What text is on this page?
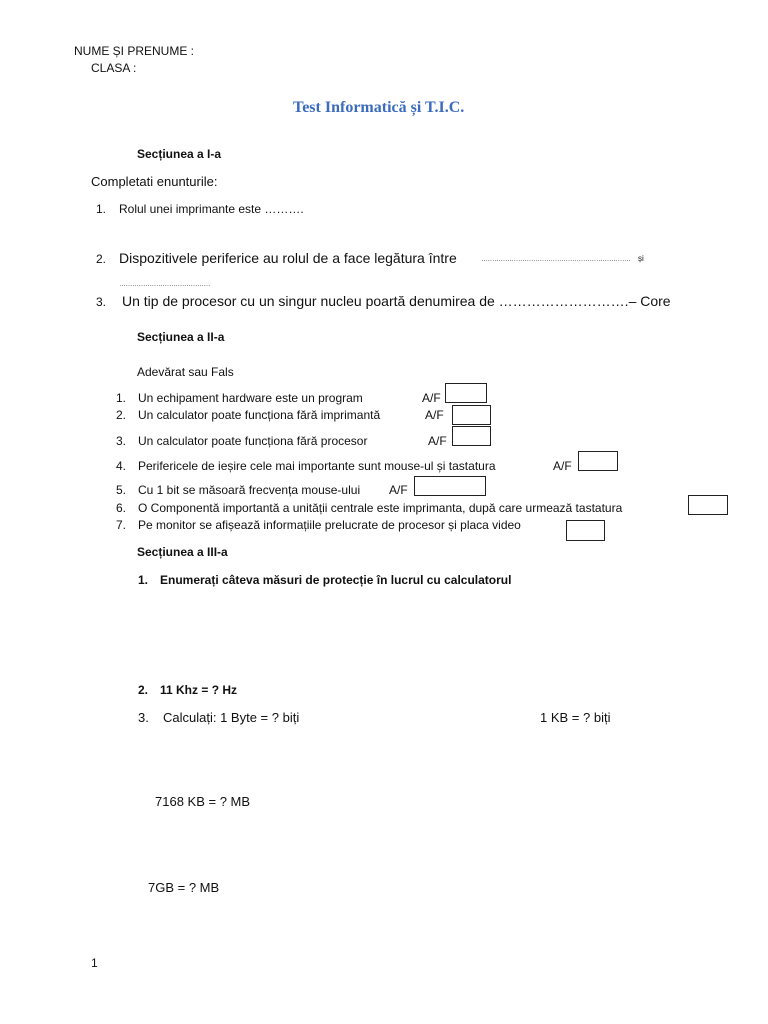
NUME ȘI PRENUME :
CLASA :
Test Informatică și T.I.C.
Secțiunea a I-a
Completati enunturile:
1. Rolul unei imprimante este ……….
2. Dispozitivele periferice au rolul de a face legătura între	…………………………………………………………… și
……………………………………
3. Un tip de procesor cu un singur nucleu poartă denumirea de ……………………….– Core
Secțiunea a II-a
Adevărat sau Fals
1. Un echipament hardware este un program	A/F
2. Un calculator poate funcționa fără imprimantă	A/F
3. Un calculator poate funcționa fără procesor	A/F
4. Perifericele de ieșire cele mai importante sunt mouse-ul și tastatura	A/F
5. Cu 1 bit se măsoară frecvența mouse-ului A/F
6. O Componentă importantă a unității centrale este imprimanta, după care urmează tastatura
7. Pe monitor se afișează informațiile prelucrate de procesor și placa video
Secțiunea a III-a
1. Enumerați câteva măsuri de protecție în lucrul cu calculatorul
2. 11 Khz = ? Hz
3. Calculați: 1 Byte = ? biți	1 KB = ? biți
7168 KB = ? MB
7GB = ? MB
1
